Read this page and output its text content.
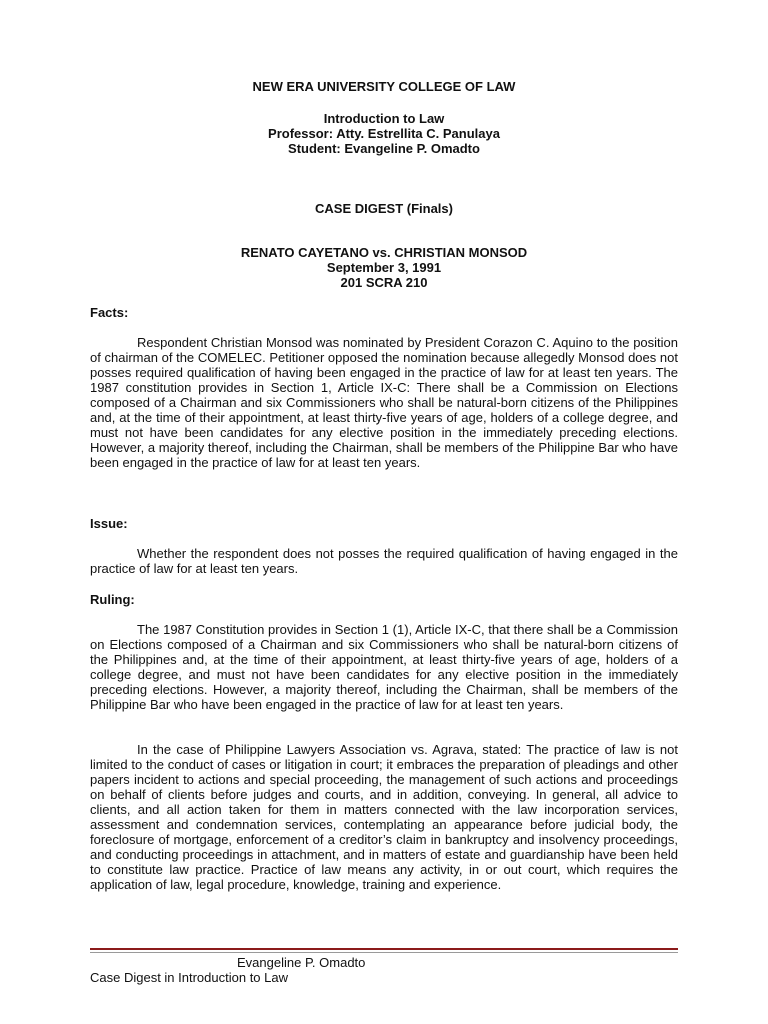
NEW ERA UNIVERSITY COLLEGE OF LAW
Introduction to Law
Professor: Atty. Estrellita C. Panulaya
Student: Evangeline P. Omadto
CASE DIGEST (Finals)
RENATO CAYETANO vs. CHRISTIAN MONSOD
September 3, 1991
201 SCRA 210
Facts:

Respondent Christian Monsod was nominated by President Corazon C. Aquino to the position of chairman of the COMELEC. Petitioner opposed the nomination because allegedly Monsod does not posses required qualification of having been engaged in the practice of law for at least ten years. The 1987 constitution provides in Section 1, Article IX-C: There shall be a Commission on Elections composed of a Chairman and six Commissioners who shall be natural-born citizens of the Philippines and, at the time of their appointment, at least thirty-five years of age, holders of a college degree, and must not have been candidates for any elective position in the immediately preceding elections. However, a majority thereof, including the Chairman, shall be members of the Philippine Bar who have been engaged in the practice of law for at least ten years.

Issue:

Whether the respondent does not posses the required qualification of having engaged in the practice of law for at least ten years.

Ruling:

The 1987 Constitution provides in Section 1 (1), Article IX-C, that there shall be a Commission on Elections composed of a Chairman and six Commissioners who shall be natural-born citizens of the Philippines and, at the time of their appointment, at least thirty-five years of age, holders of a college degree, and must not have been candidates for any elective position in the immediately preceding elections. However, a majority thereof, including the Chairman, shall be members of the Philippine Bar who have been engaged in the practice of law for at least ten years.

In the case of Philippine Lawyers Association vs. Agrava, stated: The practice of law is not limited to the conduct of cases or litigation in court; it embraces the preparation of pleadings and other papers incident to actions and special proceeding, the management of such actions and proceedings on behalf of clients before judges and courts, and in addition, conveying. In general, all advice to clients, and all action taken for them in matters connected with the law incorporation services, assessment and condemnation services, contemplating an appearance before judicial body, the foreclosure of mortgage, enforcement of a creditor’s claim in bankruptcy and insolvency proceedings, and conducting proceedings in attachment, and in matters of estate and guardianship have been held to constitute law practice. Practice of law means any activity, in or out court, which requires the application of law, legal procedure, knowledge, training and experience.

Evangeline P. Omadto
Case Digest in Introduction to Law
